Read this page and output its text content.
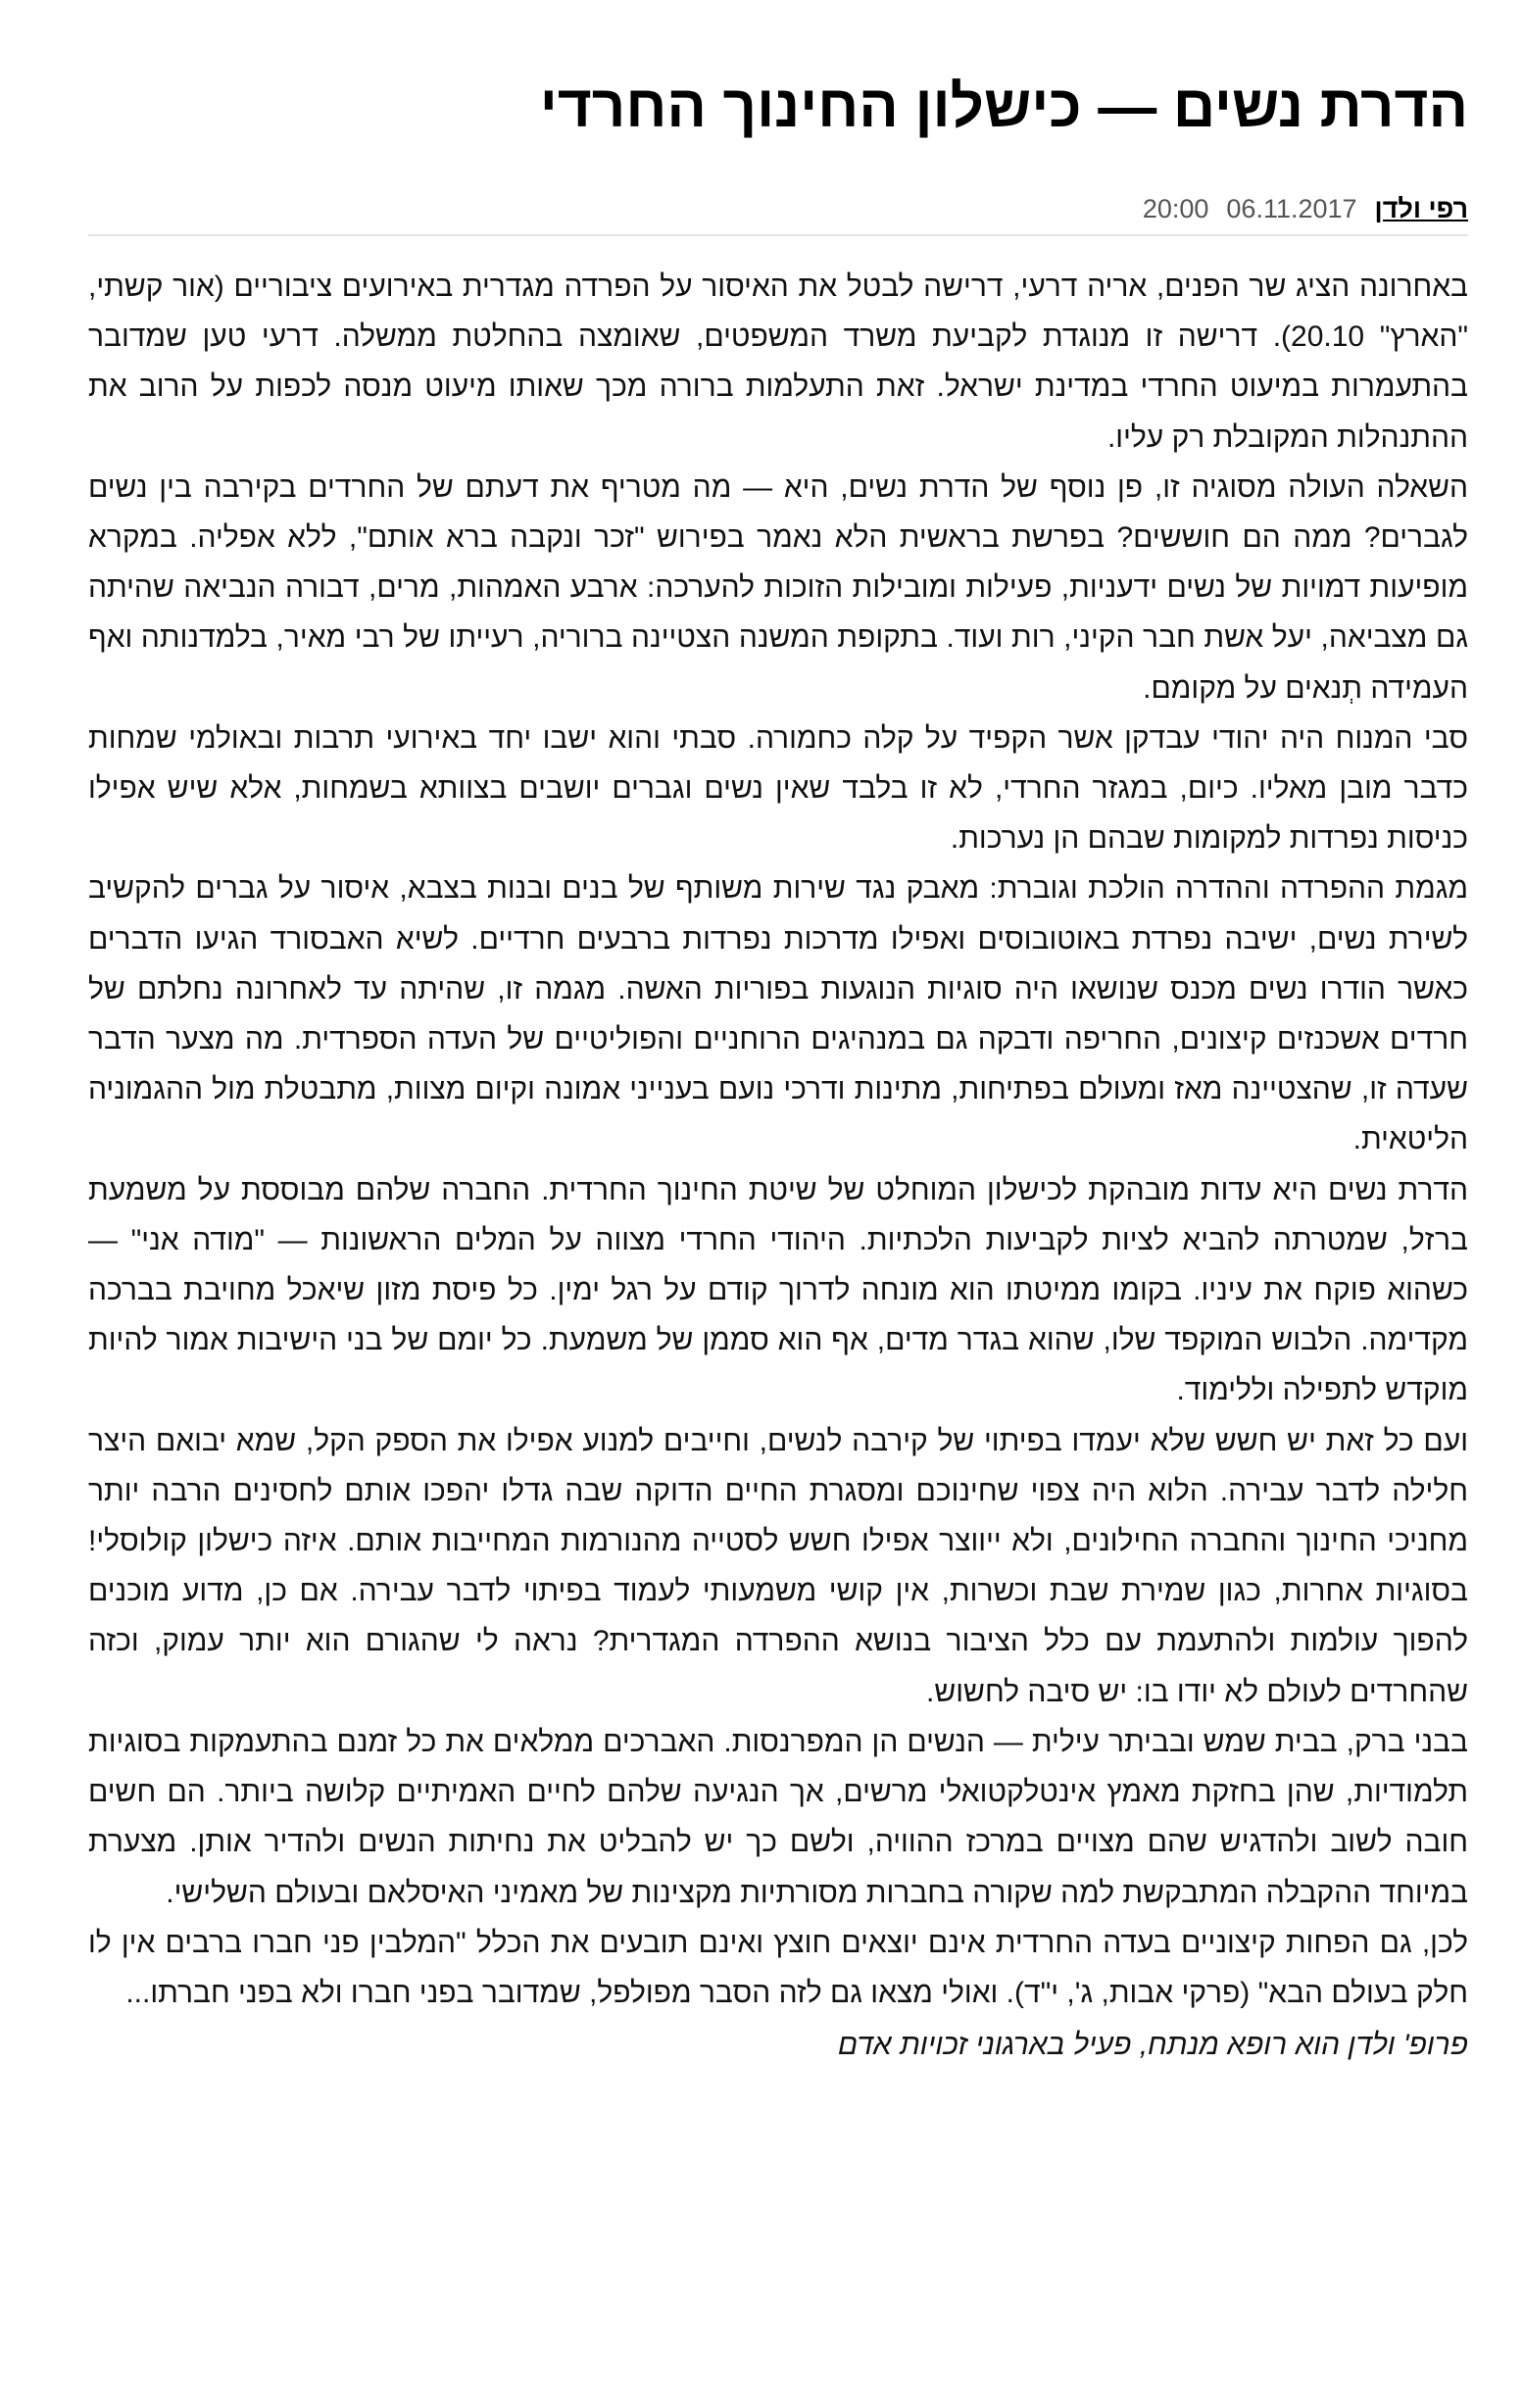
הדרת נשים — כישלון החינוך החרדי
רפי ולדן
06.11.2017
20:00

באחרונה הציג שר הפנים, אריה דרעי, דרישה לבטל את האיסור על הפרדה מגדרית באירועים ציבוריים (אור קשתי, "הארץ" 20.10). דרישה זו מנוגדת לקביעת משרד המשפטים, שאומצה בהחלטת ממשלה. דרעי טען שמדובר בהתעמרות במיעוט החרדי במדינת ישראל. זאת התעלמות ברורה מכך שאותו מיעוט מנסה לכפות על הרוב את ההתנהלות המקובלת רק עליו.

השאלה העולה מסוגיה זו, פן נוסף של הדרת נשים, היא — מה מטריף את דעתם של החרדים בקירבה בין נשים לגברים? ממה הם חוששים? בפרשת בראשית הלא נאמר בפירוש "זכר ונקבה ברא אותם", ללא אפליה. במקרא מופיעות דמויות של נשים ידעניות, פעילות ומובילות הזוכות להערכה: ארבע האמהות, מרים, דבורה הנביאה שהיתה גם מצביאה, יעל אשת חבר הקיני, רות ועוד. בתקופת המשנה הצטיינה ברוריה, רעייתו של רבי מאיר, בלמדנותה ואף העמידה תְנאים על מקומם.

סבי המנוח היה יהודי עבדקן אשר הקפיד על קלה כחמורה. סבתי והוא ישבו יחד באירועי תרבות ובאולמי שמחות כדבר מובן מאליו. כיום, במגזר החרדי, לא זו בלבד שאין נשים וגברים יושבים בצוותא בשמחות, אלא שיש אפילו כניסות נפרדות למקומות שבהם הן נערכות.

מגמת ההפרדה וההדרה הולכת וגוברת: מאבק נגד שירות משותף של בנים ובנות בצבא, איסור על גברים להקשיב לשירת נשים, ישיבה נפרדת באוטובוסים ואפילו מדרכות נפרדות ברבעים חרדיים. לשיא האבסורד הגיעו הדברים כאשר הודרו נשים מכנס שנושאו היה סוגיות הנוגעות בפוריות האשה. מגמה זו, שהיתה עד לאחרונה נחלתם של חרדים אשכנזים קיצונים, החריפה ודבקה גם במנהיגים הרוחניים והפוליטיים של העדה הספרדית. מה מצער הדבר שעדה זו, שהצטיינה מאז ומעולם בפתיחות, מתינות ודרכי נועם בענייני אמונה וקיום מצוות, מתבטלת מול ההגמוניה הליטאית.

הדרת נשים היא עדות מובהקת לכישלון המוחלט של שיטת החינוך החרדית. החברה שלהם מבוססת על משמעת ברזל, שמטרתה להביא לציות לקביעות הלכתיות. היהודי החרדי מצווה על המלים הראשונות — "מודה אני" — כשהוא פוקח את עיניו. בקומו ממיטתו הוא מונחה לדרוך קודם על רגל ימין. כל פיסת מזון שיאכל מחויבת בברכה מקדימה. הלבוש המוקפד שלו, שהוא בגדר מדים, אף הוא סממן של משמעת. כל יומם של בני הישיבות אמור להיות מוקדש לתפילה וללימוד.

ועם כל זאת יש חשש שלא יעמדו בפיתוי של קירבה לנשים, וחייבים למנוע אפילו את הספק הקל, שמא יבואם היצר חלילה לדבר עבירה. הלוא היה צפוי שחינוכם ומסגרת החיים הדוקה שבה גדלו יהפכו אותם לחסינים הרבה יותר מחניכי החינוך והחברה החילונים, ולא ייווצר אפילו חשש לסטייה מהנורמות המחייבות אותם. איזה כישלון קולוסלי! בסוגיות אחרות, כגון שמירת שבת וכשרות, אין קושי משמעותי לעמוד בפיתוי לדבר עבירה. אם כן, מדוע מוכנים להפוך עולמות ולהתעמת עם כלל הציבור בנושא ההפרדה המגדרית? נראה לי שהגורם הוא יותר עמוק, וכזה שהחרדים לעולם לא יודו בו: יש סיבה לחשוש.

בבני ברק, בבית שמש ובביתר עילית — הנשים הן המפרנסות. האברכים ממלאים את כל זמנם בהתעמקות בסוגיות תלמודיות, שהן בחזקת מאמץ אינטלקטואלי מרשים, אך הנגיעה שלהם לחיים האמיתיים קלושה ביותר. הם חשים חובה לשוב ולהדגיש שהם מצויים במרכז ההוויה, ולשם כך יש להבליט את נחיתות הנשים ולהדיר אותן. מצערת במיוחד ההקבלה המתבקשת למה שקורה בחברות מסורתיות מקצינות של מאמיני האיסלאם ובעולם השלישי.

לכן, גם הפחות קיצוניים בעדה החרדית אינם יוצאים חוצץ ואינם תובעים את הכלל "המלבין פני חברו ברבים אין לו חלק בעולם הבא" (פרקי אבות, ג', י"ד). ואולי מצאו גם לזה הסבר מפולפל, שמדובר בפני חברו ולא בפני חברתו...

פרופ' ולדן הוא רופא מנתח, פעיל בארגוני זכויות אדם
